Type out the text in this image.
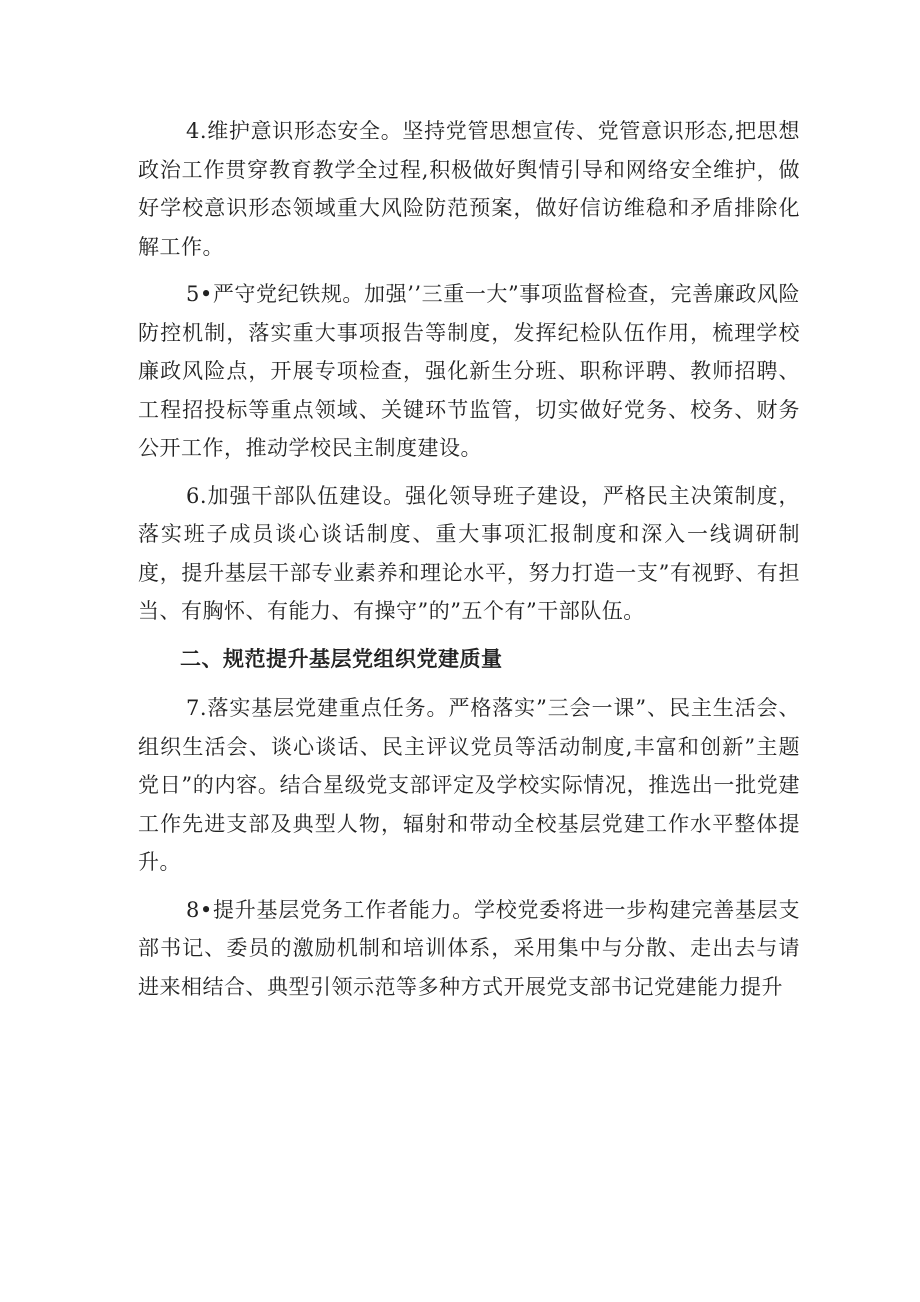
4.维护意识形态安全。坚持党管思想宣传、党管意识形态,把思想政治工作贯穿教育教学全过程,积极做好舆情引导和网络安全维护，做好学校意识形态领域重大风险防范预案，做好信访维稳和矛盾排除化解工作。

5•严守党纪铁规。加强’’三重一大”事项监督检查，完善廉政风险防控机制，落实重大事项报告等制度，发挥纪检队伍作用，梳理学校廉政风险点，开展专项检查，强化新生分班、职称评聘、教师招聘、工程招投标等重点领域、关键环节监管，切实做好党务、校务、财务公开工作，推动学校民主制度建设。

6.加强干部队伍建设。强化领导班子建设，严格民主决策制度，落实班子成员谈心谈话制度、重大事项汇报制度和深入一线调研制度，提升基层干部专业素养和理论水平，努力打造一支”有视野、有担当、有胸怀、有能力、有操守”的”五个有”干部队伍。

二、规范提升基层党组织党建质量

7.落实基层党建重点任务。严格落实”三会一课”、民主生活会、组织生活会、谈心谈话、民主评议党员等活动制度,丰富和创新”主题党日”的内容。结合星级党支部评定及学校实际情况，推选出一批党建工作先进支部及典型人物，辐射和带动全校基层党建工作水平整体提升。

8•提升基层党务工作者能力。学校党委将进一步构建完善基层支部书记、委员的激励机制和培训体系，采用集中与分散、走出去与请进来相结合、典型引领示范等多种方式开展党支部书记党建能力提升
